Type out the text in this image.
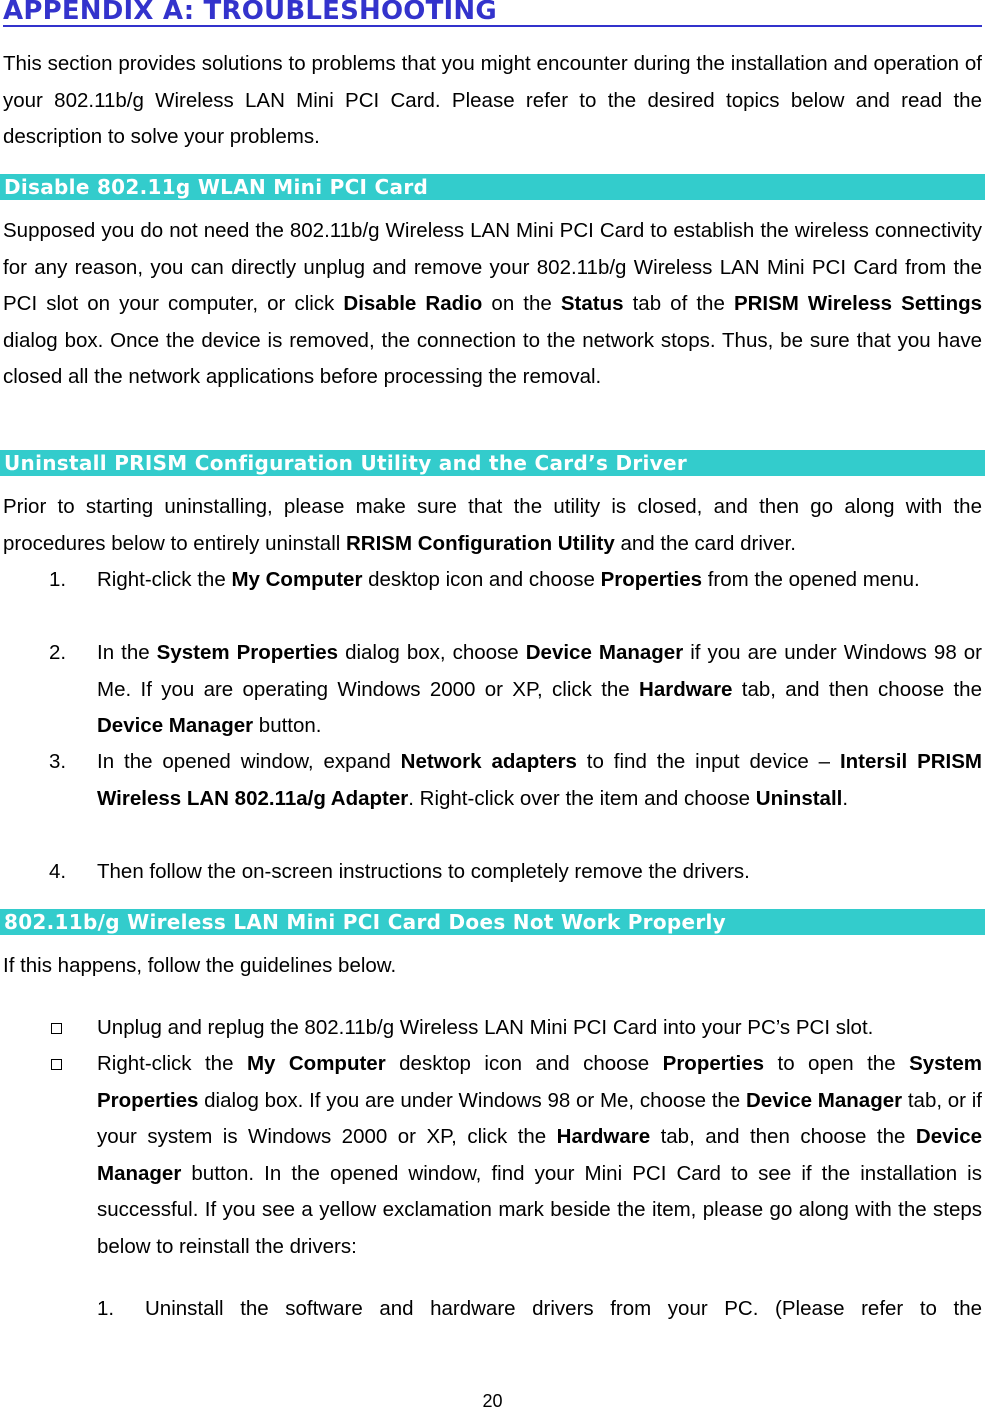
APPENDIX A: TROUBLESHOOTING
This section provides solutions to problems that you might encounter during the installation and operation of your 802.11b/g Wireless LAN Mini PCI Card. Please refer to the desired topics below and read the description to solve your problems.
Disable 802.11g WLAN Mini PCI Card
Supposed you do not need the 802.11b/g Wireless LAN Mini PCI Card to establish the wireless connectivity for any reason, you can directly unplug and remove your 802.11b/g Wireless LAN Mini PCI Card from the PCI slot on your computer, or click Disable Radio on the Status tab of the PRISM Wireless Settings dialog box. Once the device is removed, the connection to the network stops. Thus, be sure that you have closed all the network applications before processing the removal.
Uninstall PRISM Configuration Utility and the Card’s Driver
Prior to starting uninstalling, please make sure that the utility is closed, and then go along with the procedures below to entirely uninstall RRISM Configuration Utility and the card driver.
1. Right-click the My Computer desktop icon and choose Properties from the opened menu.
2. In the System Properties dialog box, choose Device Manager if you are under Windows 98 or Me. If you are operating Windows 2000 or XP, click the Hardware tab, and then choose the Device Manager button.
3. In the opened window, expand Network adapters to find the input device – Intersil PRISM Wireless LAN 802.11a/g Adapter. Right-click over the item and choose Uninstall.
4. Then follow the on-screen instructions to completely remove the drivers.
802.11b/g Wireless LAN Mini PCI Card Does Not Work Properly
If this happens, follow the guidelines below.
Unplug and replug the 802.11b/g Wireless LAN Mini PCI Card into your PC’s PCI slot.
Right-click the My Computer desktop icon and choose Properties to open the System Properties dialog box. If you are under Windows 98 or Me, choose the Device Manager tab, or if your system is Windows 2000 or XP, click the Hardware tab, and then choose the Device Manager button. In the opened window, find your Mini PCI Card to see if the installation is successful. If you see a yellow exclamation mark beside the item, please go along with the steps below to reinstall the drivers:
1. Uninstall the software and hardware drivers from your PC. (Please refer to the
20
